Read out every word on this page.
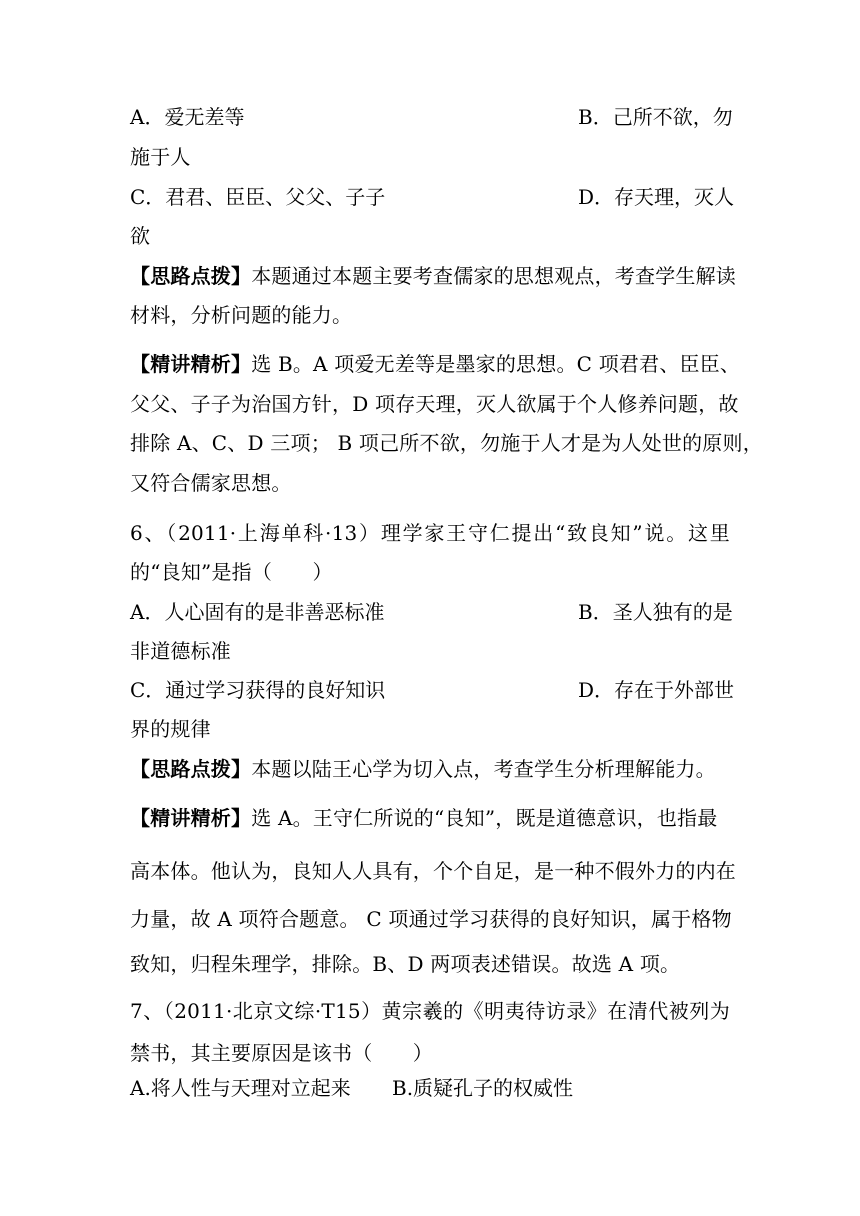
A．爱无差等	B．己所不欲，勿
施于人
C．君君、臣臣、父父、子子	D．存天理，灭人
欲
【思路点拨】本题通过本题主要考查儒家的思想观点，考查学生解读
材料，分析问题的能力。
【精讲精析】选 B。A 项爱无差等是墨家的思想。C 项君君、臣臣、
父父、子子为治国方针，D 项存天理，灭人欲属于个人修养问题，故
排除 A、C、D 三项； B 项己所不欲，勿施于人才是为人处世的原则，
又符合儒家思想。
6、（2011·上海单科·13）理学家王守仁提出“致良知”说。这里
的“良知”是指（　　）
A．人心固有的是非善恶标准	B．圣人独有的是
非道德标准
C．通过学习获得的良好知识	D．存在于外部世
界的规律
【思路点拨】本题以陆王心学为切入点，考查学生分析理解能力。
【精讲精析】选 A。王守仁所说的“良知”，既是道德意识，也指最
高本体。他认为，良知人人具有，个个自足，是一种不假外力的内在
力量，故 A 项符合题意。 C 项通过学习获得的良好知识，属于格物
致知，归程朱理学，排除。B、D 两项表述错误。故选 A 项。
7、（2011·北京文综·T15）黄宗羲的《明夷待访录》在清代被列为
禁书，其主要原因是该书（　　）
A.将人性与天理对立起来 B.质疑孔子的权威性
